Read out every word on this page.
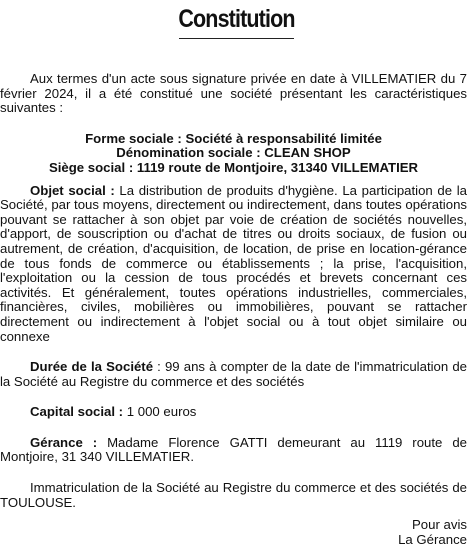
Constitution

Aux termes d'un acte sous signature privée en date à VILLEMATIER du 7 février 2024, il a été constitué une société présentant les caractéristiques suivantes :

Forme sociale : Société à responsabilité limitée

Dénomination sociale : CLEAN SHOP

Siège social : 1119 route de Montjoire, 31340 VILLEMATIER

Objet social : La distribution de produits d'hygiène. La participation de la Société, par tous moyens, directement ou indirectement, dans toutes opérations pouvant se rattacher à son objet par voie de création de sociétés nouvelles, d'apport, de souscription ou d'achat de titres ou droits sociaux, de fusion ou autrement, de création, d'acquisition, de location, de prise en location-gérance de tous fonds de commerce ou établissements ; la prise, l'acquisition, l'exploitation ou la cession de tous procédés et brevets concernant ces activités. Et généralement, toutes opérations industrielles, commerciales, financières, civiles, mobilières ou immobilières, pouvant se rattacher directement ou indirectement à l'objet social ou à tout objet similaire ou connexe

Durée de la Société : 99 ans à compter de la date de l'immatriculation de la Société au Registre du commerce et des sociétés

Capital social : 1 000 euros

Gérance : Madame Florence GATTI demeurant au 1119 route de Montjoire, 31 340 VILLEMATIER.

Immatriculation de la Société au Registre du commerce et des sociétés de TOULOUSE.

Pour avis

La Gérance
